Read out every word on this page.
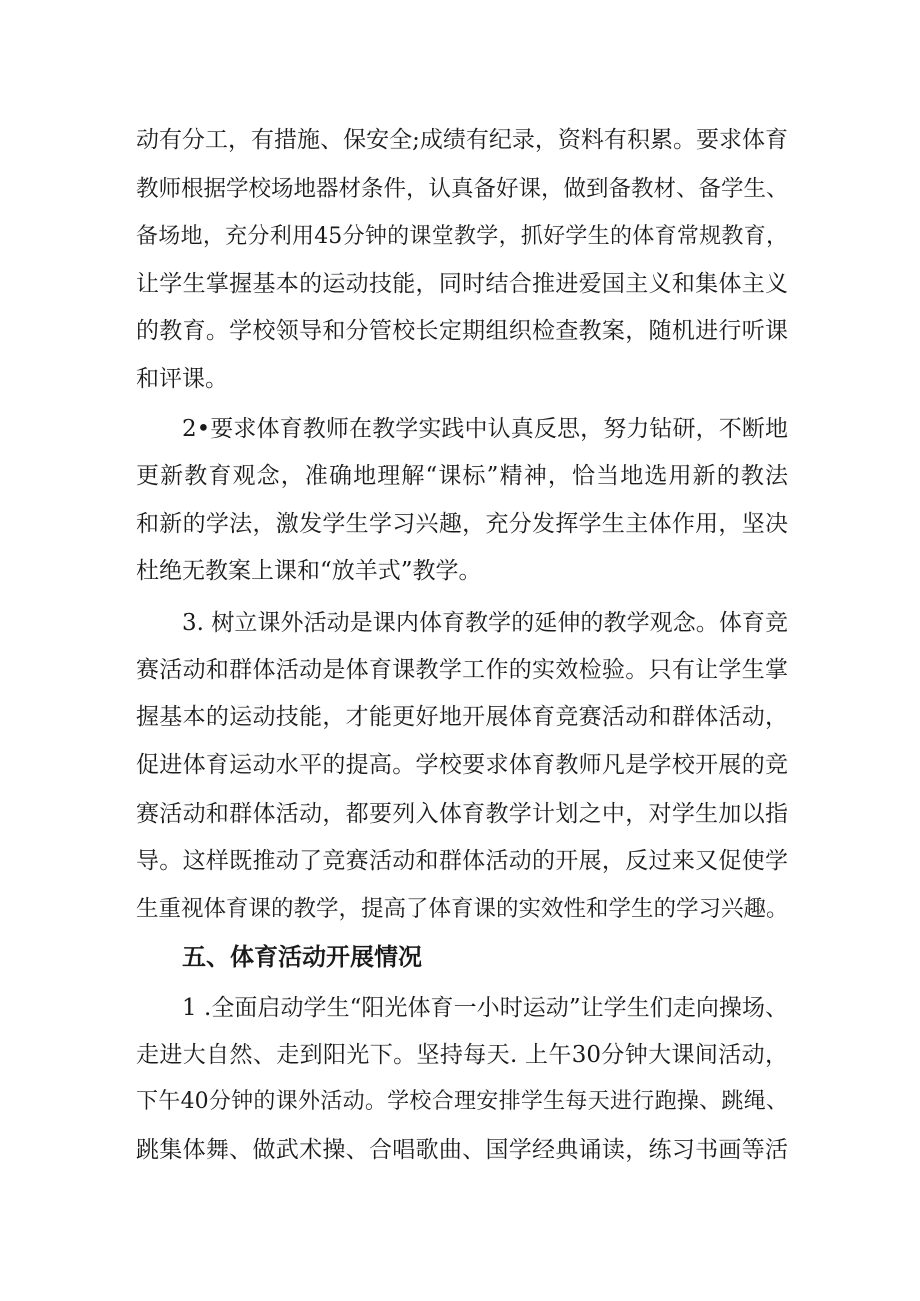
动有分工，有措施、保安全;成绩有纪录，资料有积累。要求体育
教师根据学校场地器材条件，认真备好课，做到备教材、备学生、
备场地，充分利用45分钟的课堂教学，抓好学生的体育常规教育，
让学生掌握基本的运动技能，同时结合推进爱国主义和集体主义
的教育。学校领导和分管校长定期组织检查教案，随机进行听课
和评课。
2•要求体育教师在教学实践中认真反思，努力钻研，不断地
更新教育观念，准确地理解“课标”精神，恰当地选用新的教法
和新的学法，激发学生学习兴趣，充分发挥学生主体作用，坚决
杜绝无教案上课和“放羊式”教学。
3. 树立课外活动是课内体育教学的延伸的教学观念。体育竞
赛活动和群体活动是体育课教学工作的实效检验。只有让学生掌
握基本的运动技能，才能更好地开展体育竞赛活动和群体活动，
促进体育运动水平的提高。学校要求体育教师凡是学校开展的竞
赛活动和群体活动，都要列入体育教学计划之中，对学生加以指
导。这样既推动了竞赛活动和群体活动的开展，反过来又促使学
生重视体育课的教学，提高了体育课的实效性和学生的学习兴趣。
五、体育活动开展情况
1 .全面启动学生“阳光体育一小时运动”让学生们走向操场、
走进大自然、走到阳光下。坚持每天. 上午30分钟大课间活动，
下午40分钟的课外活动。学校合理安排学生每天进行跑操、跳绳、
跳集体舞、做武术操、合唱歌曲、国学经典诵读，练习书画等活
